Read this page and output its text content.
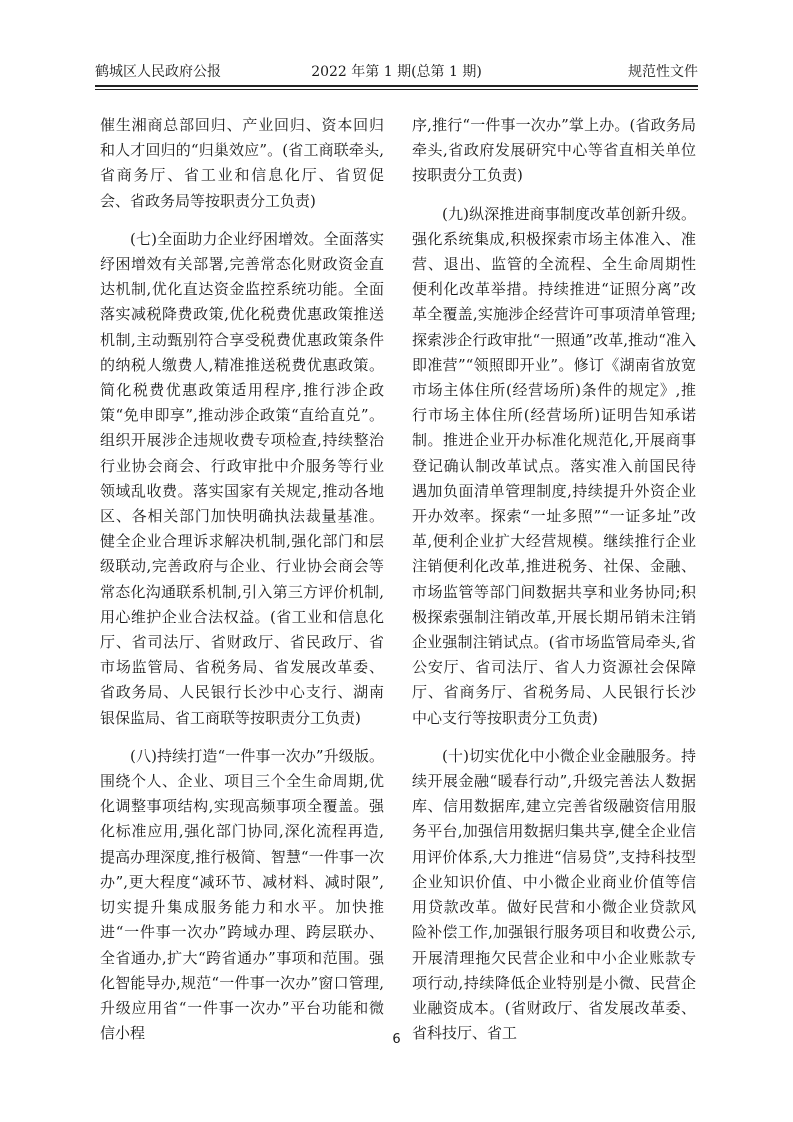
鹤城区人民政府公报	2022 年第 1 期(总第 1 期)	规范性文件

催生湘商总部回归、产业回归、资本回归和人才回归的“归巢效应”。(省工商联牵头,省商务厅、省工业和信息化厅、省贸促会、省政务局等按职责分工负责)

(七)全面助力企业纾困增效。全面落实纾困增效有关部署,完善常态化财政资金直达机制,优化直达资金监控系统功能。全面落实减税降费政策,优化税费优惠政策推送机制,主动甄别符合享受税费优惠政策条件的纳税人缴费人,精准推送税费优惠政策。简化税费优惠政策适用程序,推行涉企政策“免申即享”,推动涉企政策“直给直兑”。组织开展涉企违规收费专项检查,持续整治行业协会商会、行政审批中介服务等行业领域乱收费。落实国家有关规定,推动各地区、各相关部门加快明确执法裁量基准。健全企业合理诉求解决机制,强化部门和层级联动,完善政府与企业、行业协会商会等常态化沟通联系机制,引入第三方评价机制,用心维护企业合法权益。(省工业和信息化厅、省司法厅、省财政厅、省民政厅、省市场监管局、省税务局、省发展改革委、省政务局、人民银行长沙中心支行、湖南银保监局、省工商联等按职责分工负责)

(八)持续打造“一件事一次办”升级版。围绕个人、企业、项目三个全生命周期,优化调整事项结构,实现高频事项全覆盖。强化标准应用,强化部门协同,深化流程再造,提高办理深度,推行极简、智慧“一件事一次办”,更大程度“减环节、减材料、减时限”,切实提升集成服务能力和水平。加快推进“一件事一次办”跨域办理、跨层联办、全省通办,扩大“跨省通办”事项和范围。强化智能导办,规范“一件事一次办”窗口管理,升级应用省“一件事一次办”平台功能和微信小程

序,推行“一件事一次办”掌上办。(省政务局牵头,省政府发展研究中心等省直相关单位按职责分工负责)

(九)纵深推进商事制度改革创新升级。强化系统集成,积极探索市场主体准入、准营、退出、监管的全流程、全生命周期性便利化改革举措。持续推进“证照分离”改革全覆盖,实施涉企经营许可事项清单管理;探索涉企行政审批“一照通”改革,推动“准入即准营”“领照即开业”。修订《湖南省放宽市场主体住所(经营场所)条件的规定》,推行市场主体住所(经营场所)证明告知承诺制。推进企业开办标准化规范化,开展商事登记确认制改革试点。落实准入前国民待遇加负面清单管理制度,持续提升外资企业开办效率。探索“一址多照”“一证多址”改革,便利企业扩大经营规模。继续推行企业注销便利化改革,推进税务、社保、金融、市场监管等部门间数据共享和业务协同;积极探索强制注销改革,开展长期吊销未注销企业强制注销试点。(省市场监管局牵头,省公安厅、省司法厅、省人力资源社会保障厅、省商务厅、省税务局、人民银行长沙中心支行等按职责分工负责)

(十)切实优化中小微企业金融服务。持续开展金融“暖春行动”,升级完善法人数据库、信用数据库,建立完善省级融资信用服务平台,加强信用数据归集共享,健全企业信用评价体系,大力推进“信易贷”,支持科技型企业知识价值、中小微企业商业价值等信用贷款改革。做好民营和小微企业贷款风险补偿工作,加强银行服务项目和收费公示,开展清理拖欠民营企业和中小企业账款专项行动,持续降低企业特别是小微、民营企业融资成本。(省财政厅、省发展改革委、省科技厅、省工

6
